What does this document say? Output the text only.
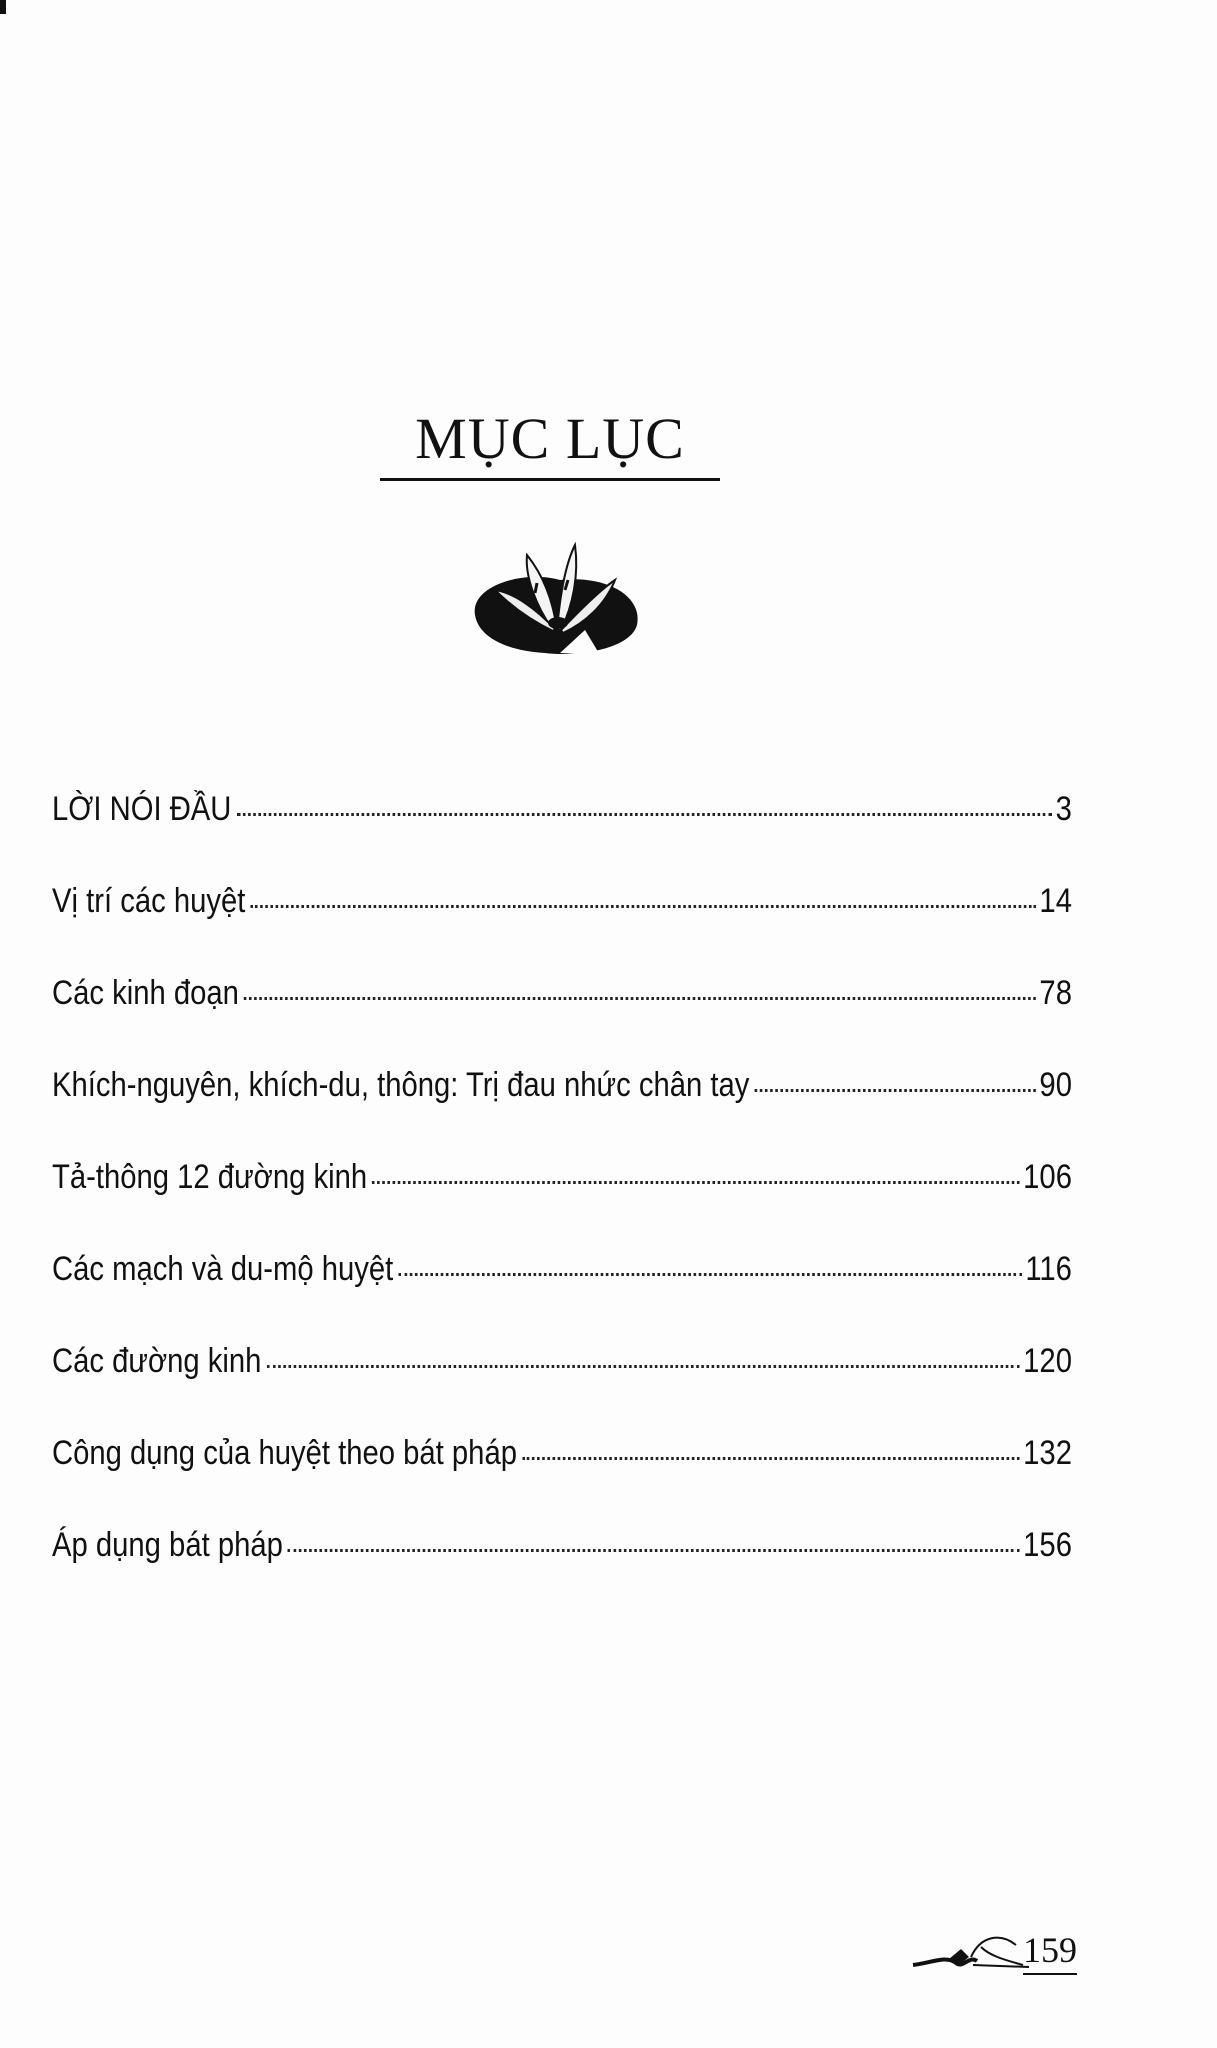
MỤC LỤC
LỜI NÓI ĐẦU	3
Vị trí các huyệt	14
Các kinh đoạn	78
Khích-nguyên, khích-du, thông: Trị đau nhức chân tay	90
Tả-thông 12 đường kinh	106
Các mạch và du-mộ huyệt	116
Các đường kinh	120
Công dụng của huyệt theo bát pháp	132
Áp dụng bát pháp	156
159
